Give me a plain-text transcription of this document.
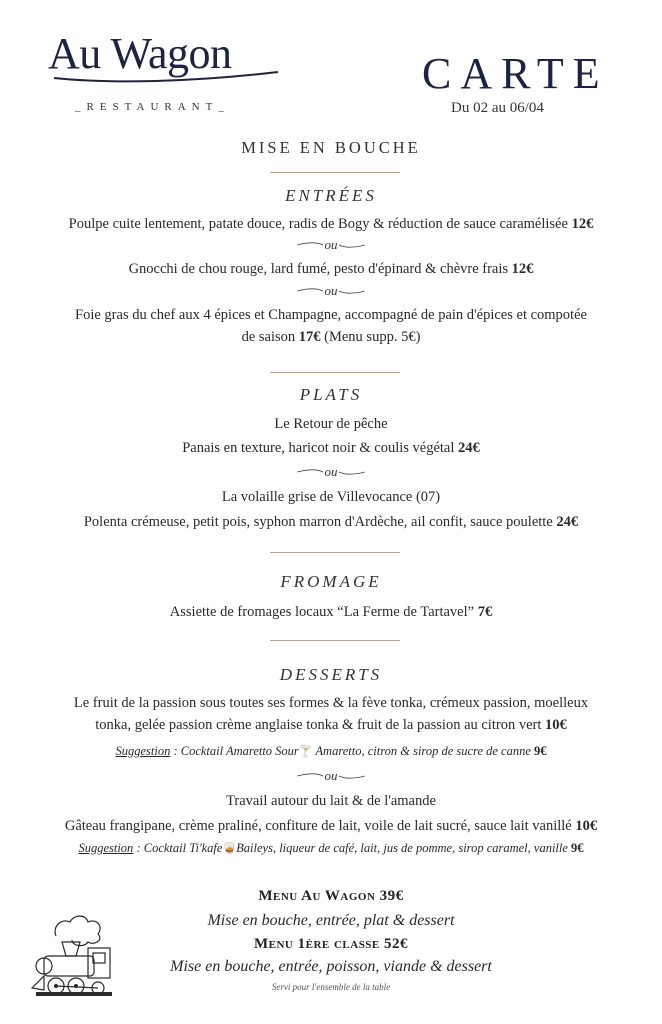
Au Wagon
_RESTAURANT_
CARTE
Du 02 au 06/04
MISE EN BOUCHE
ENTRÉES
Poulpe cuite lentement, patate douce, radis de Bogy & réduction de sauce caramélisée 12€
ou
Gnocchi de chou rouge, lard fumé, pesto d'épinard & chèvre frais 12€
ou
Foie gras du chef aux 4 épices et Champagne, accompagné de pain d'épices et compotée
de saison 17€ (Menu supp. 5€)
PLATS
Le Retour de pêche
Panais en texture, haricot noir & coulis végétal 24€
ou
La volaille grise de Villevocance (07)
Polenta crémeuse, petit pois, syphon marron d'Ardèche, ail confit, sauce poulette 24€
FROMAGE
Assiette de fromages locaux “La Ferme de Tartavel” 7€
DESSERTS
Le fruit de la passion sous toutes ses formes & la fève tonka, crémeux passion, moelleux
tonka, gelée passion crème anglaise tonka & fruit de la passion au citron vert 10€
Suggestion : Cocktail Amaretto Sour🍸 Amaretto, citron & sirop de sucre de canne 9€
ou
Travail autour du lait & de l'amande
Gâteau frangipane, crème praliné, confiture de lait, voile de lait sucré, sauce lait vanillé 10€
Suggestion : Cocktail Ti'kafe🥃Baileys, liqueur de café, lait, jus de pomme, sirop caramel, vanille 9€
Menu Au Wagon 39€
Mise en bouche, entrée, plat & dessert
Menu 1ère classe 52€
Mise en bouche, entrée, poisson, viande & dessert
Servi pour l'ensemble de la table
